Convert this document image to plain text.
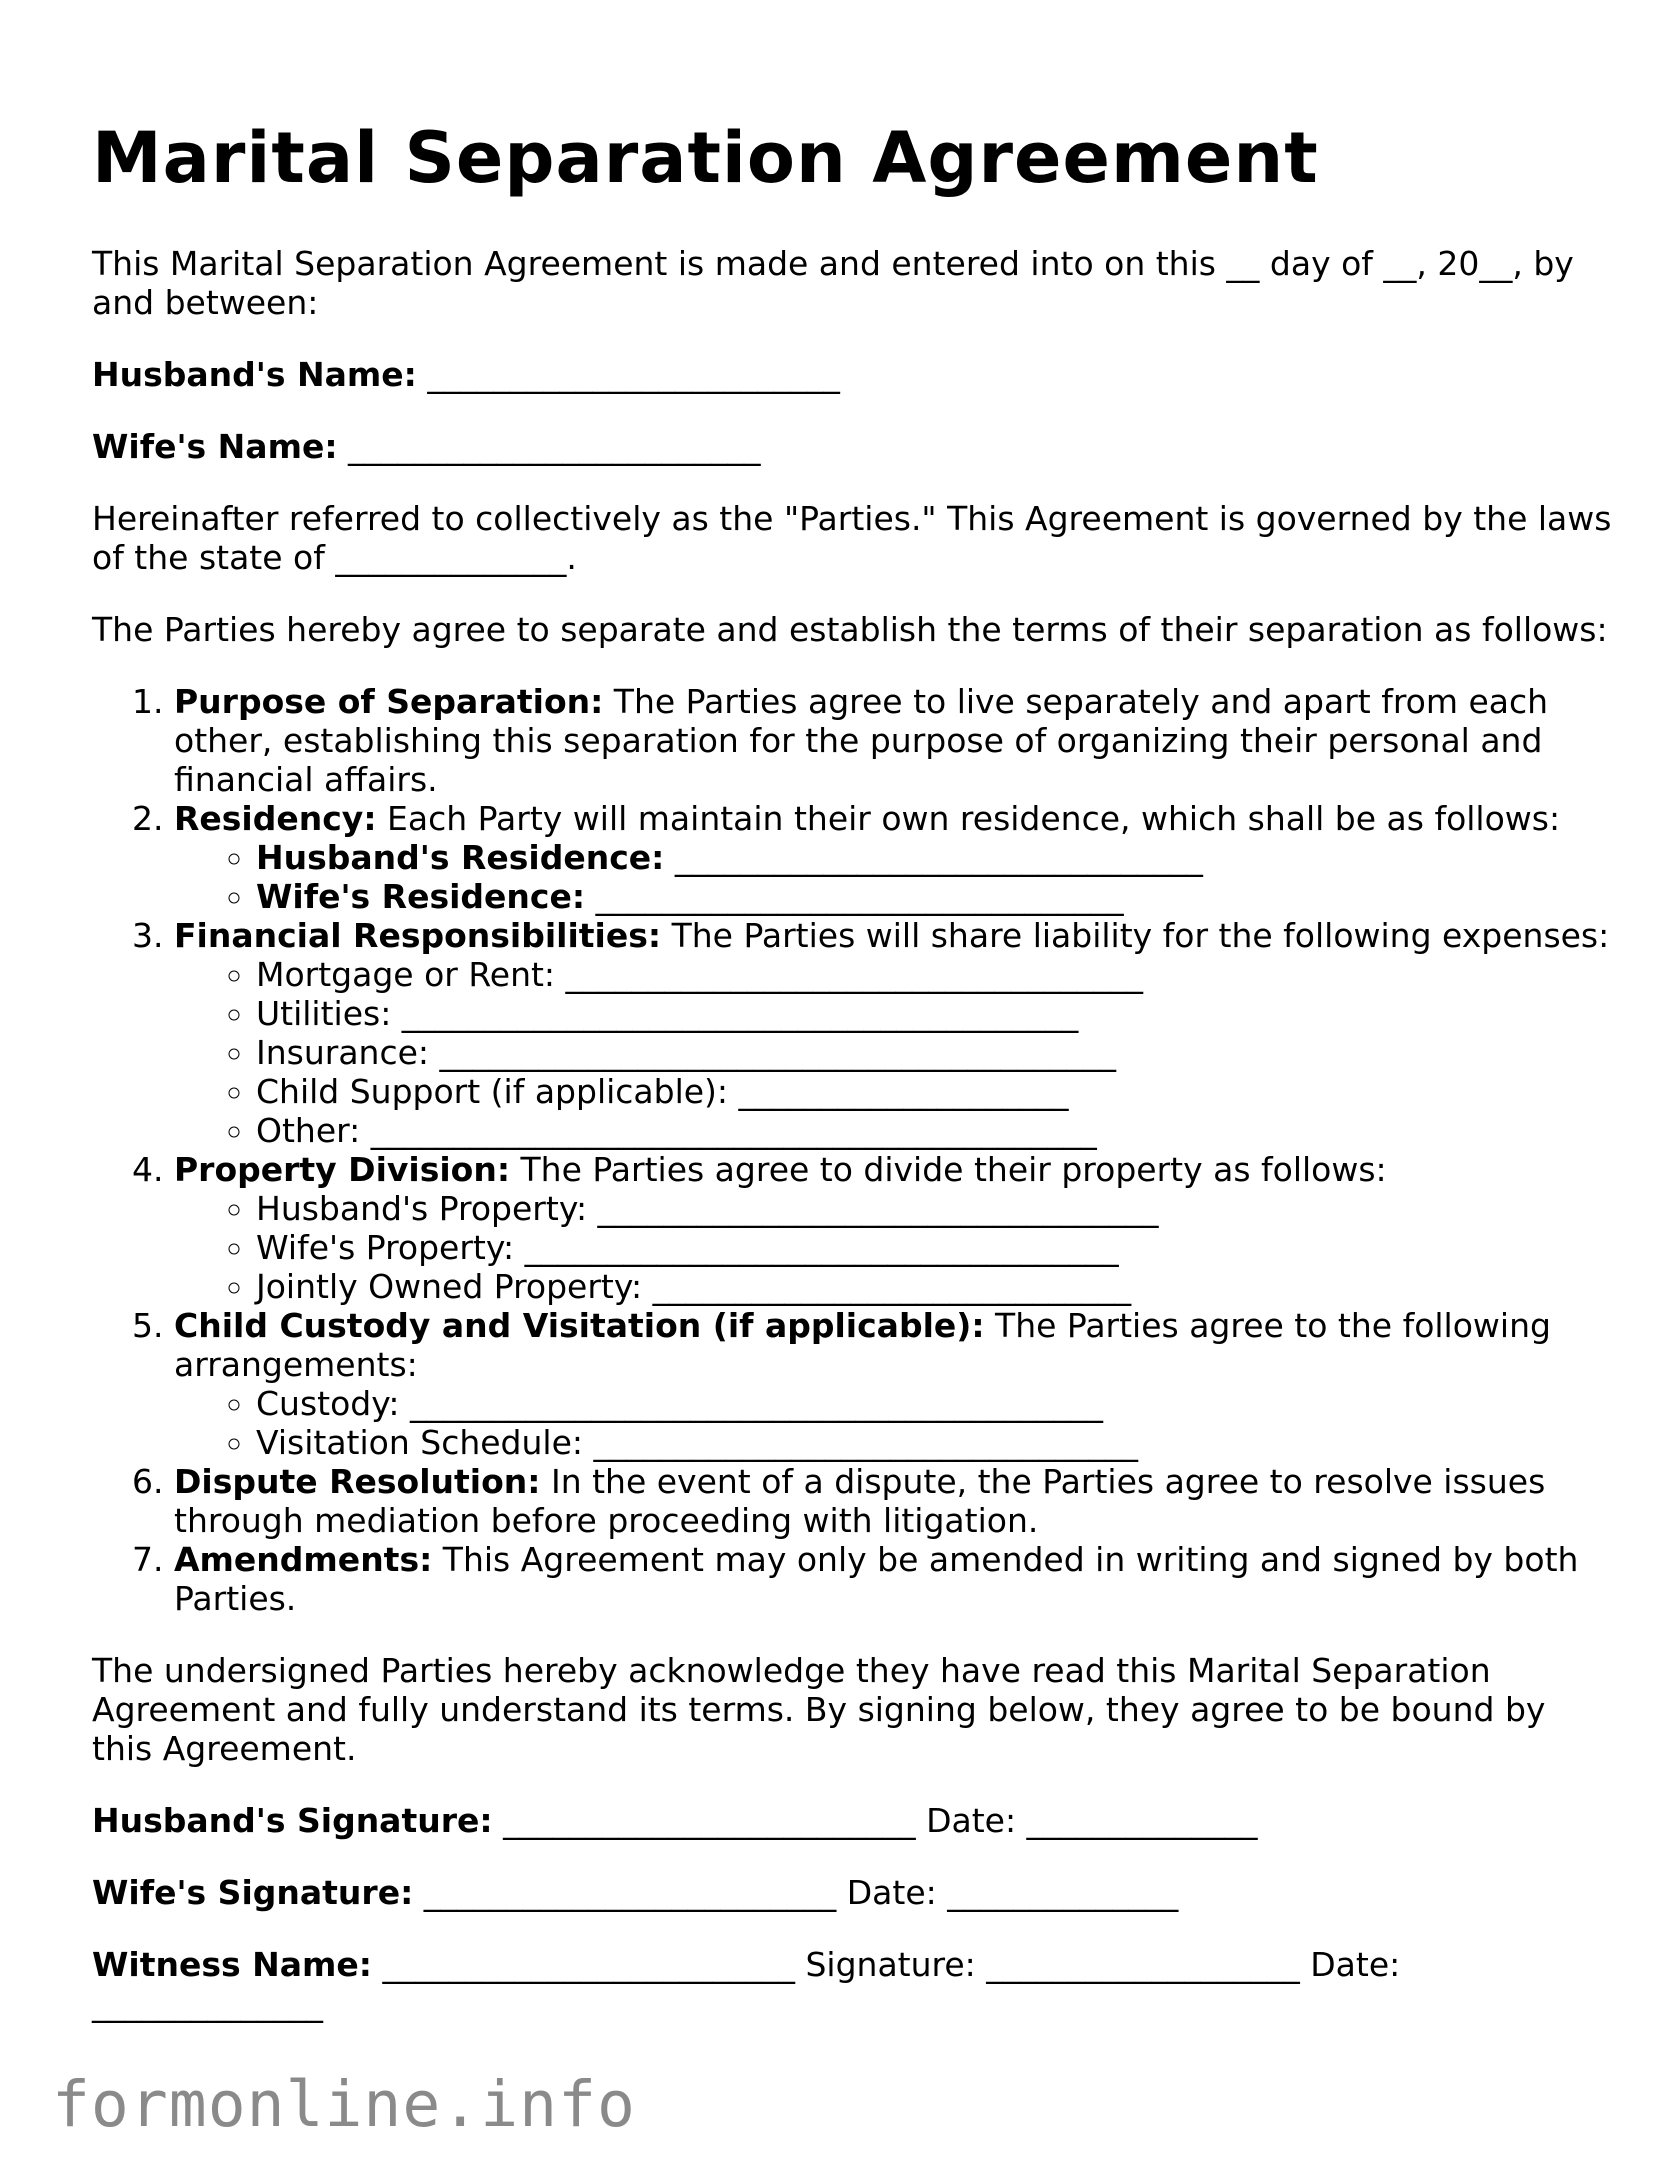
Marital Separation Agreement

This Marital Separation Agreement is made and entered into on this __ day of __, 20__, by and between:

Husband's Name: _________________________

Wife's Name: _________________________

Hereinafter referred to collectively as the "Parties." This Agreement is governed by the laws of the state of ______________.

The Parties hereby agree to separate and establish the terms of their separation as follows:

1. Purpose of Separation: The Parties agree to live separately and apart from each other, establishing this separation for the purpose of organizing their personal and financial affairs.
2. Residency: Each Party will maintain their own residence, which shall be as follows:
◦ Husband's Residence: ________________________________
◦ Wife's Residence: ________________________________
3. Financial Responsibilities: The Parties will share liability for the following expenses:
◦ Mortgage or Rent: ___________________________________
◦ Utilities: _________________________________________
◦ Insurance: _________________________________________
◦ Child Support (if applicable): ____________________
◦ Other: ____________________________________________
4. Property Division: The Parties agree to divide their property as follows:
◦ Husband's Property: __________________________________
◦ Wife's Property: ____________________________________
◦ Jointly Owned Property: _____________________________
5. Child Custody and Visitation (if applicable): The Parties agree to the following arrangements:
◦ Custody: __________________________________________
◦ Visitation Schedule: _________________________________
6. Dispute Resolution: In the event of a dispute, the Parties agree to resolve issues through mediation before proceeding with litigation.
7. Amendments: This Agreement may only be amended in writing and signed by both Parties.

The undersigned Parties hereby acknowledge they have read this Marital Separation Agreement and fully understand its terms. By signing below, they agree to be bound by this Agreement.

Husband's Signature: _________________________ Date: ______________

Wife's Signature: _________________________ Date: ______________

Witness Name: _________________________ Signature: ___________________ Date: ______________

formonline.info
